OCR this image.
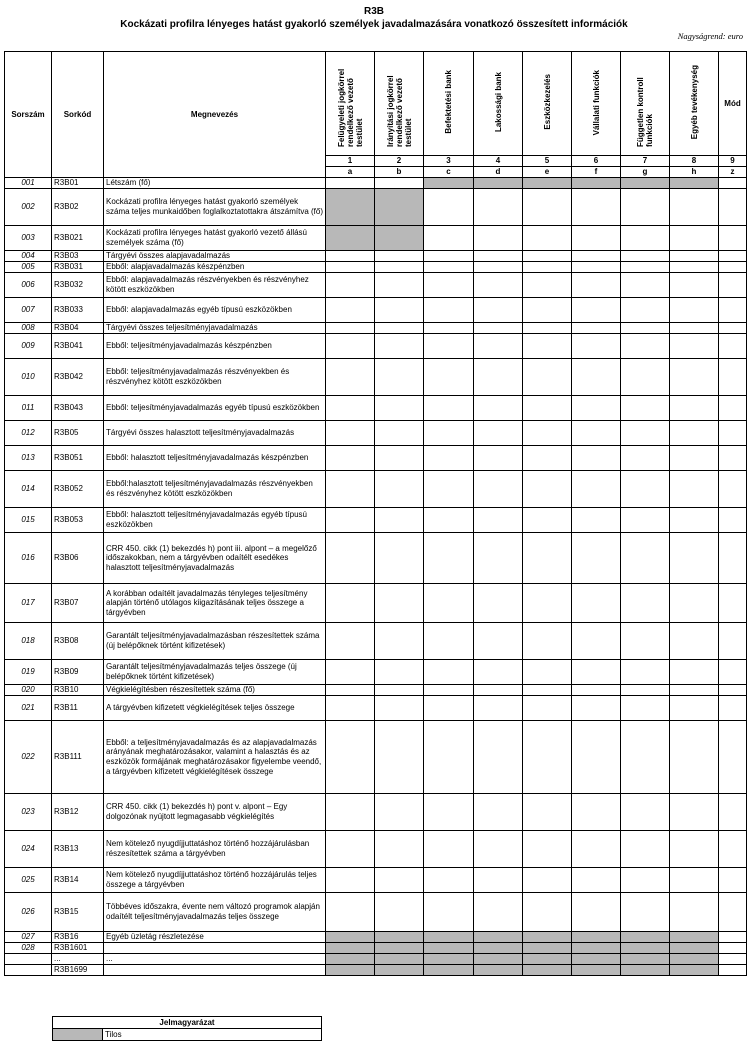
R3B
Kockázati profilra lényeges hatást gyakorló személyek javadalmazására vonatkozó összesített információk
Nagyságrend: euro
Sorszám	Sorkód	Megnevezés	Felügyeleti jogkörrel rendelkező vezető testület	Irányítási jogkörrel rendelkező vezető testület	Befektetési bank	Lakossági bank	Eszközkezelés	Vállalati funkciók	Független kontroll funkciók	Egyéb tevékenység	Mód
			1	2	3	4	5	6	7	8	9
			a	b	c	d	e	f	g	h	z
001	R3B01	Létszám (fő)									
002	R3B02	Kockázati profilra lényeges hatást gyakorló személyek száma teljes munkaidőben foglalkoztatottakra átszámítva (fő)									
003	R3B021	Kockázati profilra lényeges hatást gyakorló vezető állású személyek száma (fő)									
004	R3B03	Tárgyévi összes alapjavadalmazás									
005	R3B031	Ebből: alapjavadalmazás készpénzben									
006	R3B032	Ebből: alapjavadalmazás részvényekben és részvényhez kötött eszközökben									
007	R3B033	Ebből: alapjavadalmazás egyéb típusú eszközökben									
008	R3B04	Tárgyévi összes teljesítményjavadalmazás									
009	R3B041	Ebből: teljesítményjavadalmazás készpénzben									
010	R3B042	Ebből: teljesítményjavadalmazás részvényekben és részvényhez kötött eszközökben									
011	R3B043	Ebből: teljesítményjavadalmazás egyéb típusú eszközökben									
012	R3B05	Tárgyévi összes halasztott teljesítményjavadalmazás									
013	R3B051	Ebből: halasztott teljesítményjavadalmazás készpénzben									
014	R3B052	Ebből:halasztott teljesítményjavadalmazás részvényekben és részvényhez kötött eszközökben									
015	R3B053	Ebből: halasztott teljesítményjavadalmazás egyéb típusú eszközökben									
016	R3B06	CRR 450. cikk (1) bekezdés h) pont iii. alpont – a megelőző időszakokban, nem a tárgyévben odaítélt esedékes halasztott teljesítményjavadalmazás									
017	R3B07	A korábban odaítélt javadalmazás tényleges teljesítmény alapján történő utólagos kiigazításának teljes összege a tárgyévben									
018	R3B08	Garantált teljesítményjavadalmazásban részesítettek száma (új belépőknek történt kifizetések)									
019	R3B09	Garantált teljesítményjavadalmazás teljes összege (új belépőknek történt kifizetések)									
020	R3B10	Végkielégítésben részesítettek száma (fő)									
021	R3B11	A tárgyévben kifizetett végkielégítések teljes összege									
022	R3B111	Ebből: a teljesítményjavadalmazás és az alapjavadalmazás arányának meghatározásakor, valamint a halasztás és az eszközök formájának meghatározásakor figyelembe veendő, a tárgyévben kifizetett végkielégítések összege									
023	R3B12	CRR 450. cikk (1) bekezdés h) pont v. alpont – Egy dolgozónak nyújtott legmagasabb végkielégítés									
024	R3B13	Nem kötelező nyugdíjjuttatáshoz történő hozzájárulásban részesítettek száma a tárgyévben									
025	R3B14	Nem kötelező nyugdíjjuttatáshoz történő hozzájárulás teljes összege a tárgyévben									
026	R3B15	Többéves időszakra, évente nem változó programok alapján odaítélt teljesítményjavadalmazás teljes összege									
027	R3B16	Egyéb üzletág részletezése									
028	R3B1601										
	...	...									
	R3B1699										
Jelmagyarázat
	Tilos
